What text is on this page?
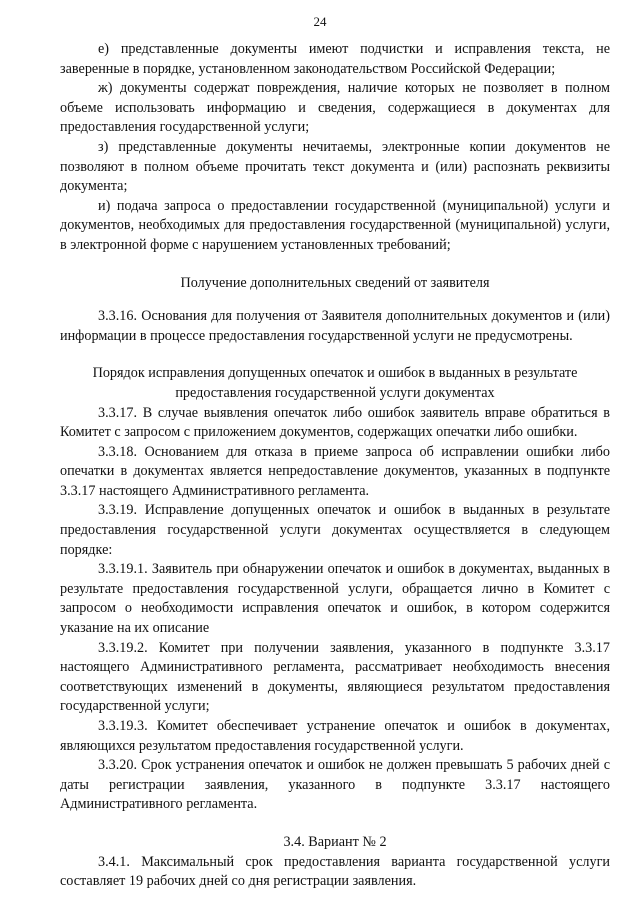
24

е) представленные документы имеют подчистки и исправления текста, не заверенные в порядке, установленном законодательством Российской Федерации;

ж) документы содержат повреждения, наличие которых не позволяет в полном объеме использовать информацию и сведения, содержащиеся в документах для предоставления государственной услуги;

з) представленные документы нечитаемы, электронные копии документов не позволяют в полном объеме прочитать текст документа и (или) распознать реквизиты документа;

и) подача запроса о предоставлении государственной (муниципальной) услуги и документов, необходимых для предоставления государственной (муниципальной) услуги, в электронной форме с нарушением установленных требований;

Получение дополнительных сведений от заявителя

3.3.16. Основания для получения от Заявителя дополнительных документов и (или) информации в процессе предоставления государственной услуги не предусмотрены.

Порядок исправления допущенных опечаток и ошибок в выданных в результате предоставления государственной услуги документах

3.3.17. В случае выявления опечаток либо ошибок заявитель вправе обратиться в Комитет с запросом с приложением документов, содержащих опечатки либо ошибки.

3.3.18. Основанием для отказа в приеме запроса об исправлении ошибки либо опечатки в документах является непредоставление документов, указанных в подпункте 3.3.17 настоящего Административного регламента.

3.3.19. Исправление допущенных опечаток и ошибок в выданных в результате предоставления государственной услуги документах осуществляется в следующем порядке:

3.3.19.1. Заявитель при обнаружении опечаток и ошибок в документах, выданных в результате предоставления государственной услуги, обращается лично в Комитет с запросом о необходимости исправления опечаток и ошибок, в котором содержится указание на их описание

3.3.19.2. Комитет при получении заявления, указанного в подпункте 3.3.17 настоящего Административного регламента, рассматривает необходимость внесения соответствующих изменений в документы, являющиеся результатом предоставления государственной услуги;

3.3.19.3. Комитет обеспечивает устранение опечаток и ошибок в документах, являющихся результатом предоставления государственной услуги.

3.3.20. Срок устранения опечаток и ошибок не должен превышать 5 рабочих дней с даты регистрации заявления, указанного в подпункте 3.3.17 настоящего Административного регламента.

3.4. Вариант № 2

3.4.1. Максимальный срок предоставления варианта государственной услуги составляет 19 рабочих дней со дня регистрации заявления.
